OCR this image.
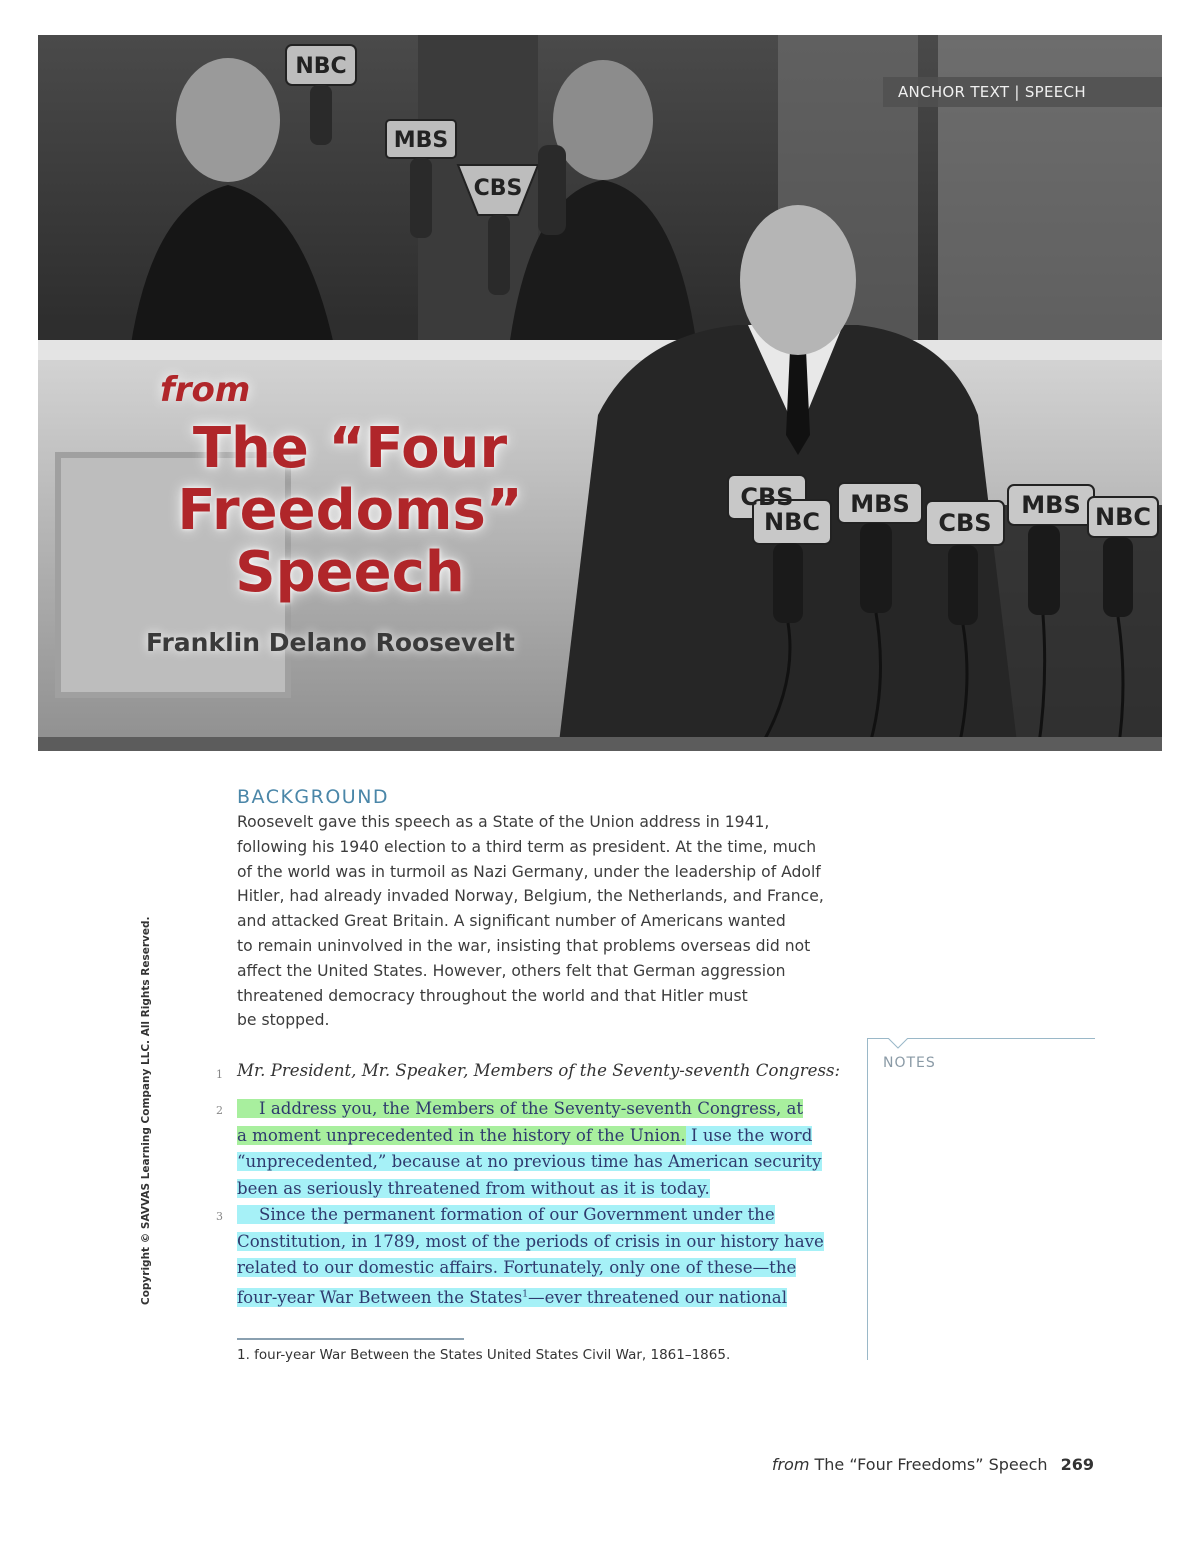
NBC
MBS
CBS
CBS
NBC
MBS
CBS
MBS NBC
ANCHOR TEXT | SPEECH
from
The “Four
Freedoms”
Speech
Franklin Delano Roosevelt
Copyright © SAVVAS Learning Company LLC. All Rights Reserved.
BACKGROUND
Roosevelt gave this speech as a State of the Union address in 1941,
following his 1940 election to a third term as president. At the time, much
of the world was in turmoil as Nazi Germany, under the leadership of Adolf
Hitler, had already invaded Norway, Belgium, the Netherlands, and France,
and attacked Great Britain. A significant number of Americans wanted
to remain uninvolved in the war, insisting that problems overseas did not
affect the United States. However, others felt that German aggression
threatened democracy throughout the world and that Hitler must
be stopped.
1 Mr. President, Mr. Speaker, Members of the Seventy-seventh Congress:
2	I address you, the Members of the Seventy-seventh Congress, at
a moment unprecedented in the history of the Union. I use the word
“unprecedented,” because at no previous time has American security
been as seriously threatened from without as it is today.
3	Since the permanent formation of our Government under the
Constitution, in 1789, most of the periods of crisis in our history have
related to our domestic affairs. Fortunately, only one of these—the
four-year War Between the States$^1$—ever threatened our national
NOTES
1. four-year War Between the States United States Civil War, 1861–1865.
from The “Four Freedoms” Speech 269
